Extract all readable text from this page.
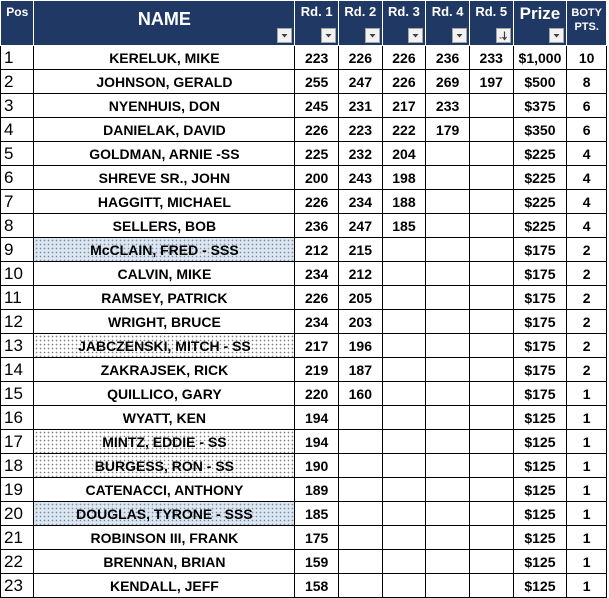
Pos	NAME	Rd. 1	Rd. 2	Rd. 3	Rd. 4	Rd. 5	Prize	BOTY
PTS.

1	KERELUK, MIKE	223	226	226	236	233	$1,000	10
2	JOHNSON, GERALD	255	247	226	269	197	$500	8
3	NYENHUIS, DON	245	231	217	233		$375	6
4	DANIELAK, DAVID	226	223	222	179		$350	6
5	GOLDMAN, ARNIE -SS	225	232	204			$225	4
6	SHREVE SR., JOHN	200	243	198			$225	4
7	HAGGITT, MICHAEL	226	234	188			$225	4
8	SELLERS, BOB	236	247	185			$225	4
9	McCLAIN, FRED - SSS	212	215				$175	2
10	CALVIN, MIKE	234	212				$175	2
11	RAMSEY, PATRICK	226	205				$175	2
12	WRIGHT, BRUCE	234	203				$175	2
13	JABCZENSKI, MITCH - SS	217	196				$175	2
14	ZAKRAJSEK, RICK	219	187				$175	2
15	QUILLICO, GARY	220	160				$175	1
16	WYATT, KEN	194					$125	1
17	MINTZ, EDDIE - SS	194					$125	1
18	BURGESS, RON - SS	190					$125	1
19	CATENACCI, ANTHONY	189					$125	1
20	DOUGLAS, TYRONE - SSS	185					$125	1
21	ROBINSON III, FRANK	175					$125	1
22	BRENNAN, BRIAN	159					$125	1
23	KENDALL, JEFF	158					$125	1
